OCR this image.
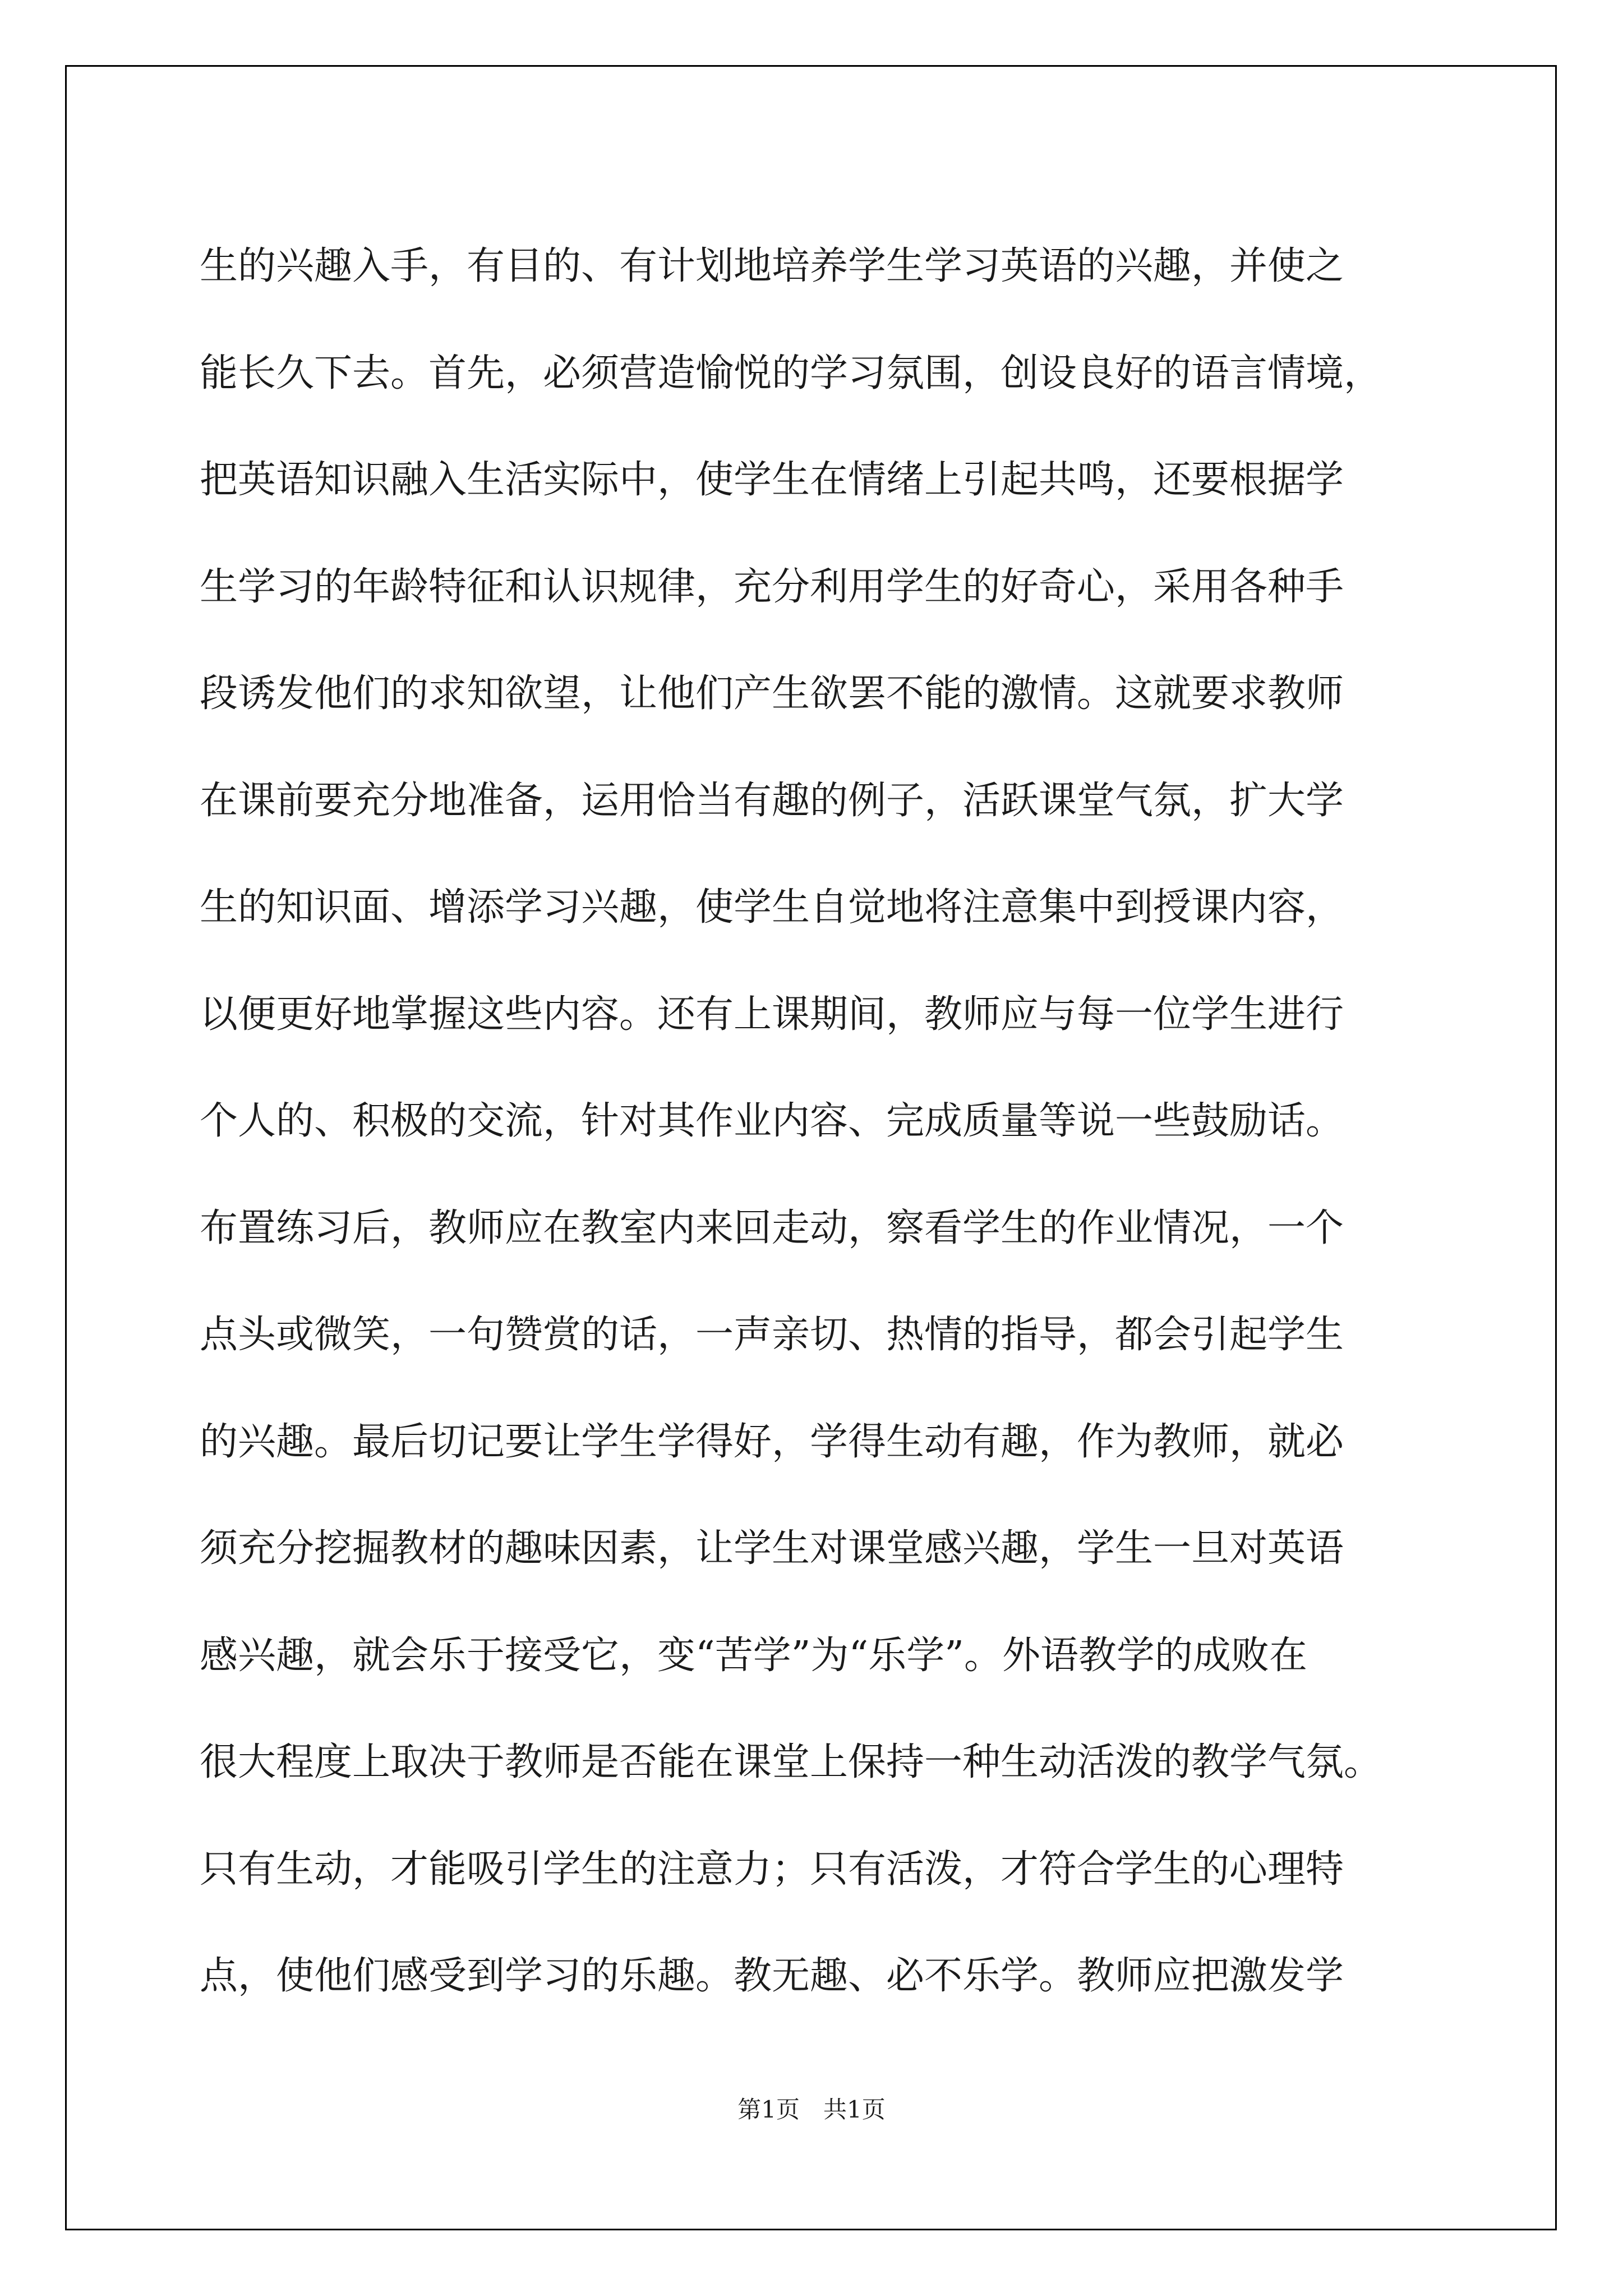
生的兴趣入手，有目的、有计划地培养学生学习英语的兴趣，并使之
能长久下去。首先，必须营造愉悦的学习氛围，创设良好的语言情境，
把英语知识融入生活实际中，使学生在情绪上引起共鸣，还要根据学
生学习的年龄特征和认识规律，充分利用学生的好奇心，采用各种手
段诱发他们的求知欲望，让他们产生欲罢不能的激情。这就要求教师
在课前要充分地准备，运用恰当有趣的例子，活跃课堂气氛，扩大学
生的知识面、增添学习兴趣，使学生自觉地将注意集中到授课内容，
以便更好地掌握这些内容。还有上课期间，教师应与每一位学生进行
个人的、积极的交流，针对其作业内容、完成质量等说一些鼓励话。
布置练习后，教师应在教室内来回走动，察看学生的作业情况，一个
点头或微笑，一句赞赏的话，一声亲切、热情的指导，都会引起学生
的兴趣。最后切记要让学生学得好，学得生动有趣，作为教师，就必
须充分挖掘教材的趣味因素，让学生对课堂感兴趣，学生一旦对英语
感兴趣，就会乐于接受它，变“苦学”为“乐学”。外语教学的成败在
很大程度上取决于教师是否能在课堂上保持一种生动活泼的教学气氛。
只有生动，才能吸引学生的注意力；只有活泼，才符合学生的心理特
点，使他们感受到学习的乐趣。教无趣、必不乐学。教师应把激发学
第1页　共1页
